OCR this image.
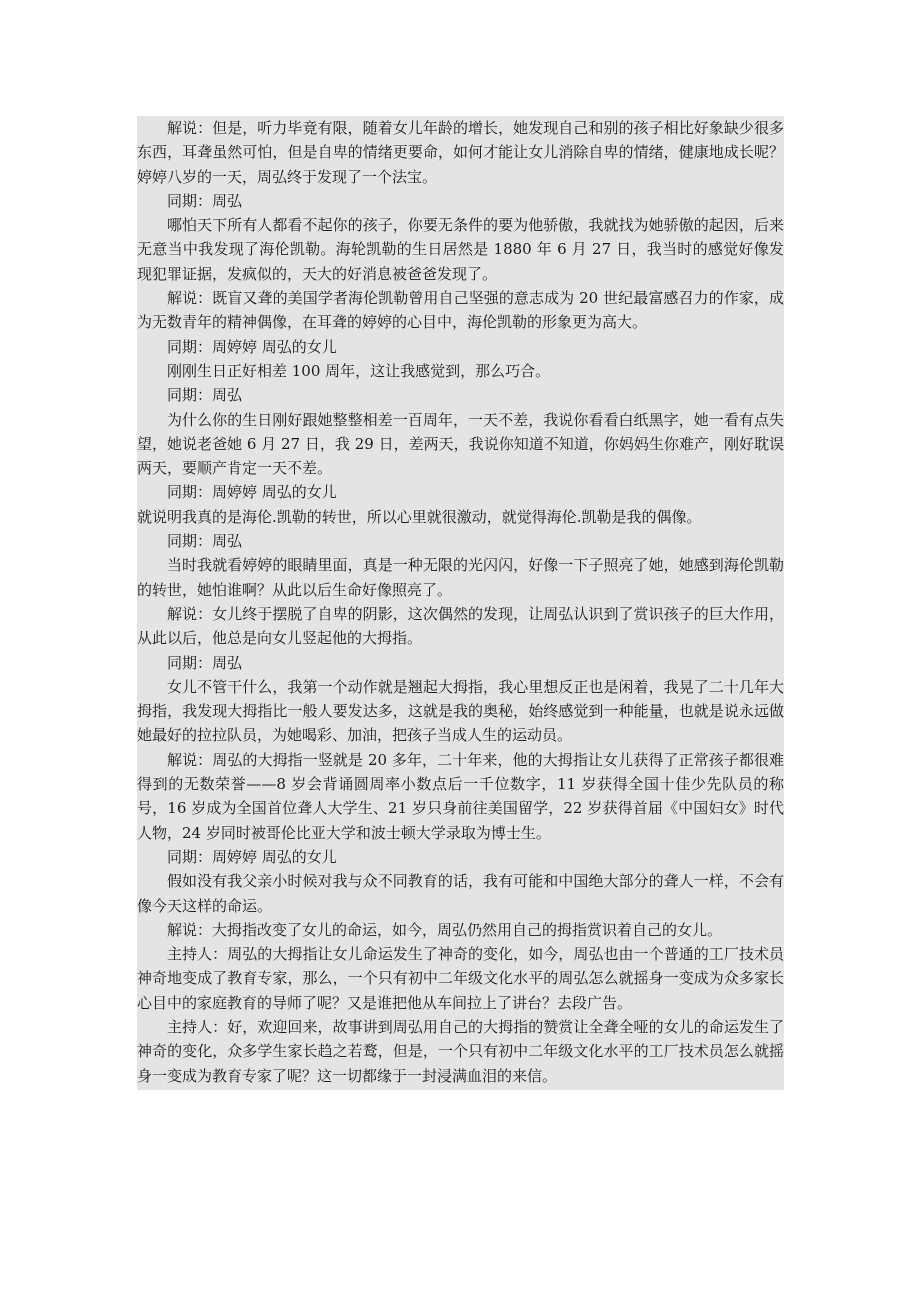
解说：但是，听力毕竟有限，随着女儿年龄的增长，她发现自己和别的孩子相比好象缺少很多东西，耳聋虽然可怕，但是自卑的情绪更要命，如何才能让女儿消除自卑的情绪，健康地成长呢？ 婷婷八岁的一天，周弘终于发现了一个法宝。

同期：周弘

哪怕天下所有人都看不起你的孩子，你要无条件的要为他骄傲，我就找为她骄傲的起因，后来无意当中我发现了海伦凯勒。海轮凯勒的生日居然是 1880 年 6 月 27 日，我当时的感觉好像发现犯罪证据，发疯似的，天大的好消息被爸爸发现了。

解说：既盲又聋的美国学者海伦凯勒曾用自己坚强的意志成为 20 世纪最富感召力的作家，成为无数青年的精神偶像，在耳聋的婷婷的心目中，海伦凯勒的形象更为高大。

同期：周婷婷 周弘的女儿

刚刚生日正好相差 100 周年，这让我感觉到，那么巧合。

同期：周弘

为什么你的生日刚好跟她整整相差一百周年，一天不差，我说你看看白纸黑字，她一看有点失望，她说老爸她 6 月 27 日，我 29 日，差两天，我说你知道不知道，你妈妈生你难产，刚好耽误两天，要顺产肯定一天不差。

同期：周婷婷 周弘的女儿

就说明我真的是海伦.凯勒的转世，所以心里就很激动，就觉得海伦.凯勒是我的偶像。

同期：周弘

当时我就看婷婷的眼睛里面，真是一种无限的光闪闪，好像一下子照亮了她，她感到海伦凯勒的转世，她怕谁啊？从此以后生命好像照亮了。

解说：女儿终于摆脱了自卑的阴影，这次偶然的发现，让周弘认识到了赏识孩子的巨大作用，从此以后，他总是向女儿竖起他的大拇指。

同期：周弘

女儿不管干什么，我第一个动作就是翘起大拇指，我心里想反正也是闲着，我晃了二十几年大拇指，我发现大拇指比一般人要发达多，这就是我的奥秘，始终感觉到一种能量，也就是说永远做她最好的拉拉队员，为她喝彩、加油，把孩子当成人生的运动员。

解说：周弘的大拇指一竖就是 20 多年，二十年来，他的大拇指让女儿获得了正常孩子都很难得到的无数荣誉——8 岁会背诵圆周率小数点后一千位数字，11 岁获得全国十佳少先队员的称号，16 岁成为全国首位聋人大学生、21 岁只身前往美国留学，22 岁获得首届《中国妇女》时代人物，24 岁同时被哥伦比亚大学和波士顿大学录取为博士生。

同期：周婷婷 周弘的女儿

假如没有我父亲小时候对我与众不同教育的话，我有可能和中国绝大部分的聋人一样，不会有像今天这样的命运。

解说：大拇指改变了女儿的命运，如今，周弘仍然用自己的拇指赏识着自己的女儿。

主持人：周弘的大拇指让女儿命运发生了神奇的变化，如今，周弘也由一个普通的工厂技术员神奇地变成了教育专家，那么，一个只有初中二年级文化水平的周弘怎么就摇身一变成为众多家长心目中的家庭教育的导师了呢？又是谁把他从车间拉上了讲台？去段广告。

主持人：好，欢迎回来，故事讲到周弘用自己的大拇指的赞赏让全聋全哑的女儿的命运发生了神奇的变化，众多学生家长趋之若鹜，但是，一个只有初中二年级文化水平的工厂技术员怎么就摇身一变成为教育专家了呢？这一切都缘于一封浸满血泪的来信。
